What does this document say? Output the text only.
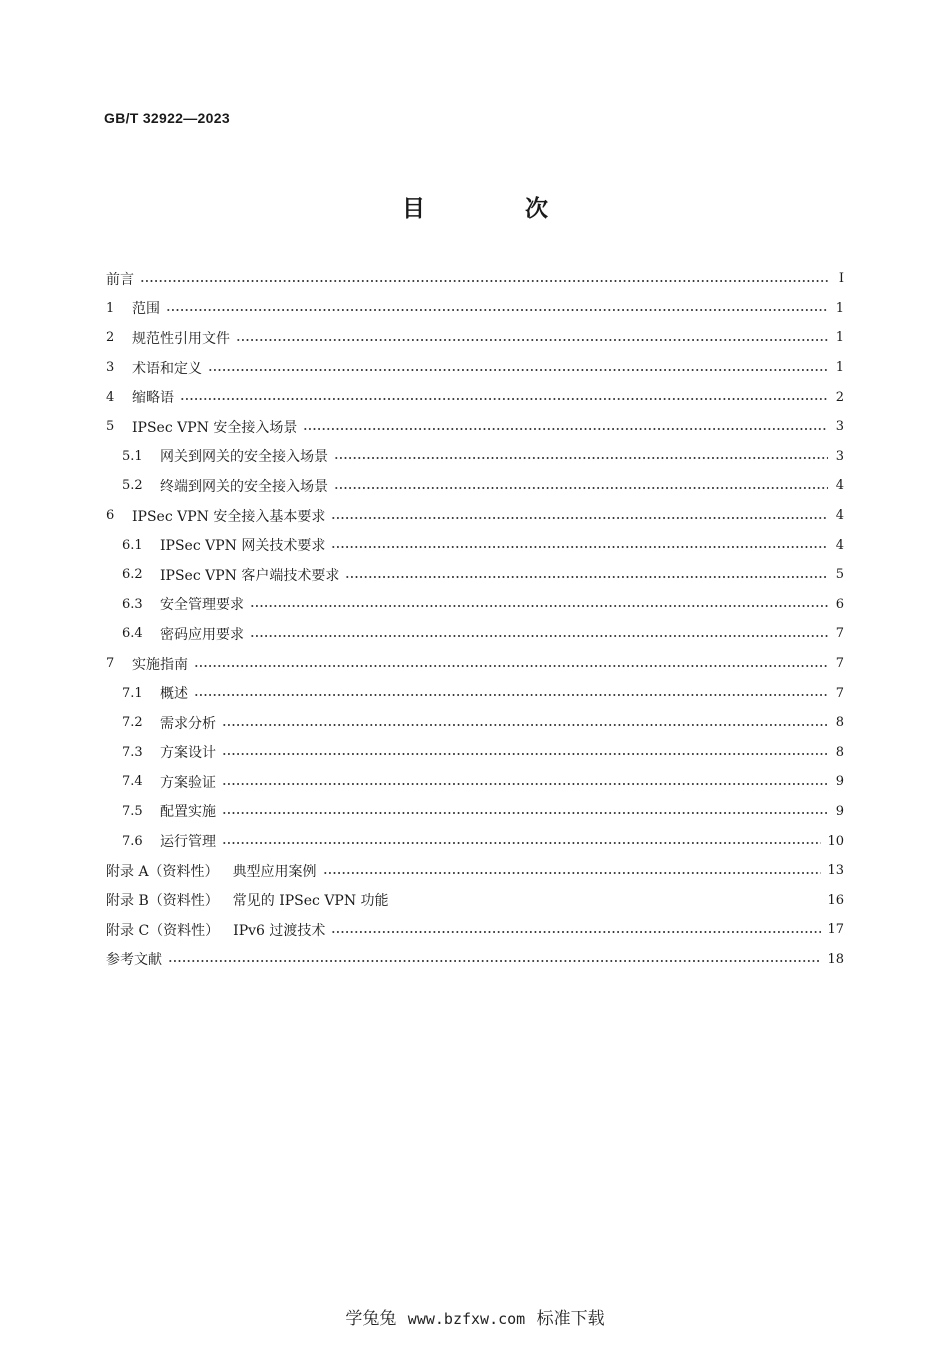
GB/T 32922—2023
目 次
前言	Ⅰ
1	范围	1
2	规范性引用文件	1
3	术语和定义	1
4	缩略语	2
5	IPSec VPN 安全接入场景	3
5.1	网关到网关的安全接入场景	3
5.2	终端到网关的安全接入场景	4
6	IPSec VPN 安全接入基本要求	4
6.1	IPSec VPN 网关技术要求	4
6.2	IPSec VPN 客户端技术要求	5
6.3	安全管理要求	6
6.4	密码应用要求	7
7	实施指南	7
7.1	概述	7
7.2	需求分析	8
7.3	方案设计	8
7.4	方案验证	9
7.5	配置实施	9
7.6	运行管理	10
附录 A（资料性） 典型应用案例	13
附录 B（资料性） 常见的 IPSec VPN 功能	16
附录 C（资料性） IPv6 过渡技术	17
参考文献	18
学兔兔 www.bzfxw.com 标准下载
